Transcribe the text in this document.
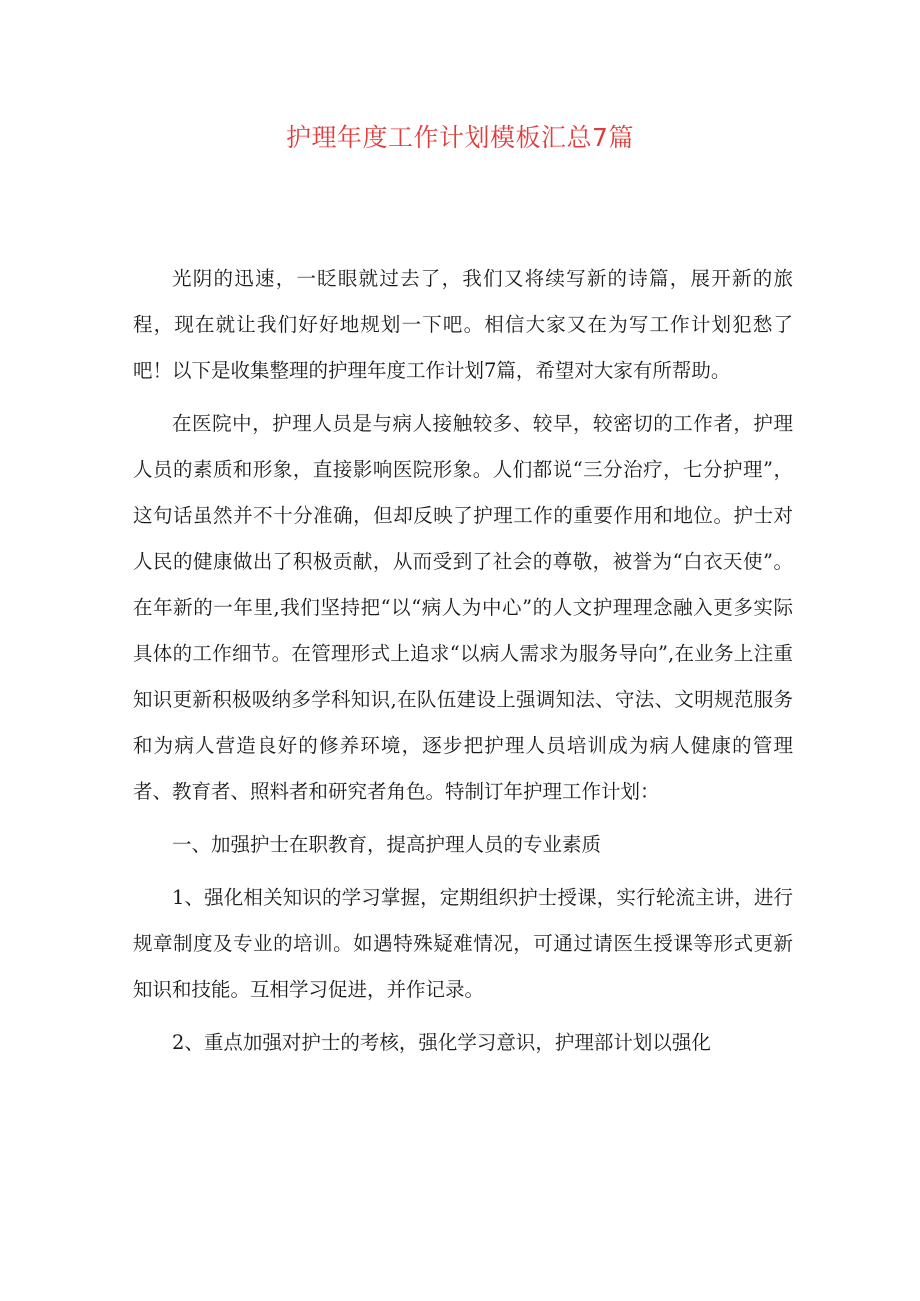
护理年度工作计划模板汇总7篇

光阴的迅速，一眨眼就过去了，我们又将续写新的诗篇，展开新的旅程，现在就让我们好好地规划一下吧。相信大家又在为写工作计划犯愁了吧！以下是收集整理的护理年度工作计划7篇，希望对大家有所帮助。

在医院中，护理人员是与病人接触较多、较早，较密切的工作者，护理人员的素质和形象，直接影响医院形象。人们都说“三分治疗，七分护理”，这句话虽然并不十分准确，但却反映了护理工作的重要作用和地位。护士对人民的健康做出了积极贡献，从而受到了社会的尊敬，被誉为“白衣天使”。在年新的一年里,我们坚持把“以“病人为中心”的人文护理理念融入更多实际具体的工作细节。在管理形式上追求“以病人需求为服务导向”,在业务上注重知识更新积极吸纳多学科知识,在队伍建设上强调知法、守法、文明规范服务和为病人营造良好的修养环境，逐步把护理人员培训成为病人健康的管理者、教育者、照料者和研究者角色。特制订年护理工作计划：

一、加强护士在职教育，提高护理人员的专业素质

1、强化相关知识的学习掌握，定期组织护士授课，实行轮流主讲，进行规章制度及专业的培训。如遇特殊疑难情况，可通过请医生授课等形式更新知识和技能。互相学习促进，并作记录。

2、重点加强对护士的考核，强化学习意识，护理部计划以强化
